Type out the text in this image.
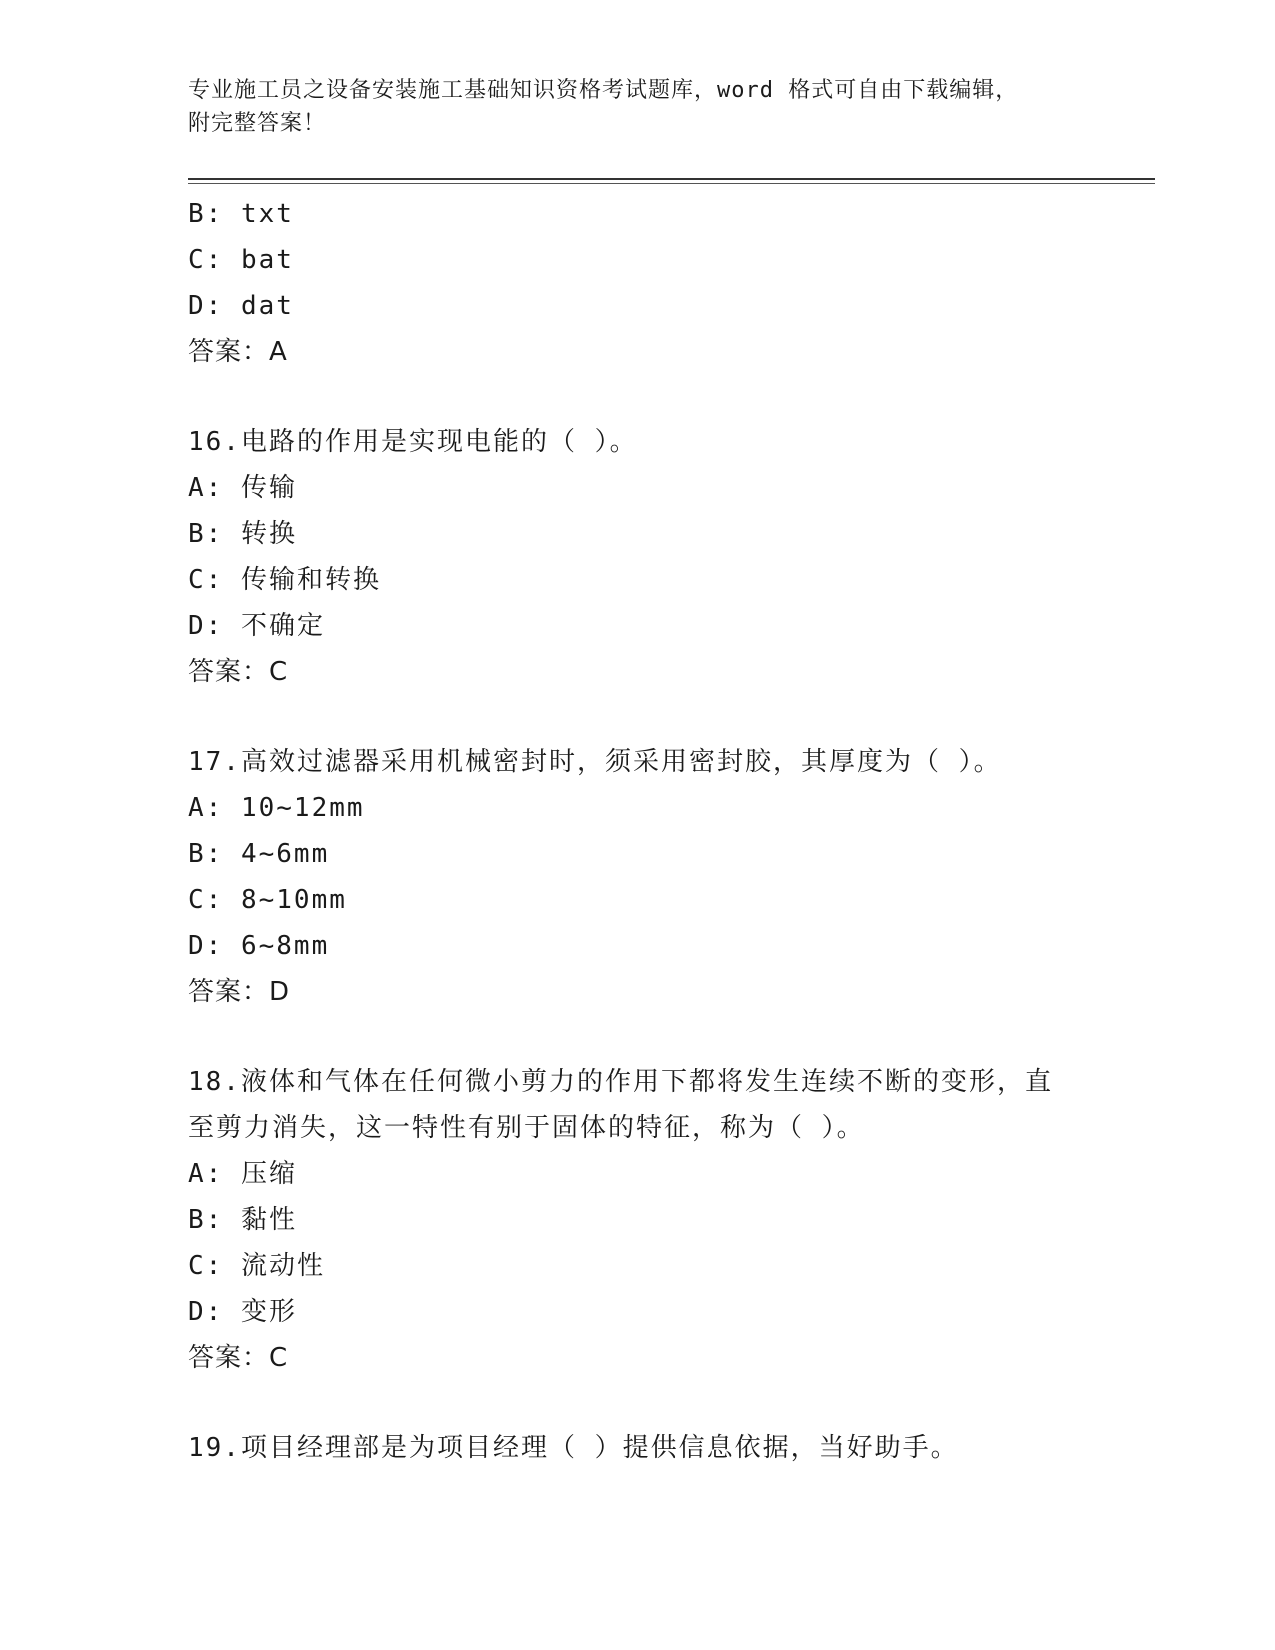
专业施工员之设备安装施工基础知识资格考试题库，word 格式可自由下载编辑，
附完整答案！
B: txt
C: bat
D: dat
答案：A
16.电路的作用是实现电能的（ ）。
A: 传输
B: 转换
C: 传输和转换
D: 不确定
答案：C
17.高效过滤器采用机械密封时，须采用密封胶，其厚度为（ ）。
A: 10~12mm
B: 4~6mm
C: 8~10mm
D: 6~8mm
答案：D
18.液体和气体在任何微小剪力的作用下都将发生连续不断的变形，直
至剪力消失，这一特性有别于固体的特征，称为（ ）。
A: 压缩
B: 黏性
C: 流动性
D: 变形
答案：C
19.项目经理部是为项目经理（ ）提供信息依据，当好助手。
